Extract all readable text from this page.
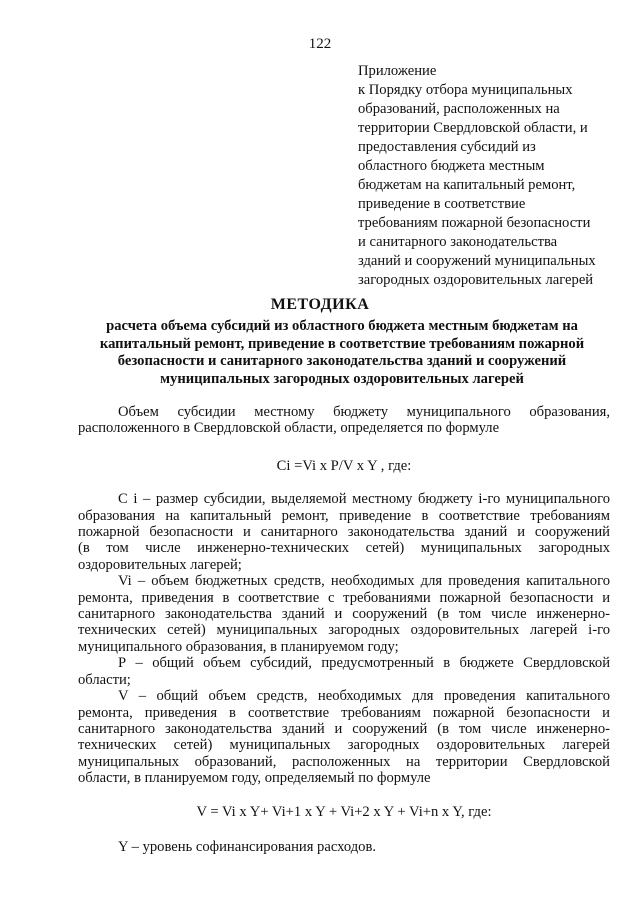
122
Приложение
к Порядку отбора муниципальных
образований, расположенных на
территории Свердловской области, и
предоставления субсидий из
областного бюджета местным
бюджетам на капитальный ремонт,
приведение в соответствие
требованиям пожарной безопасности
и санитарного законодательства
зданий и сооружений муниципальных
загородных оздоровительных лагерей
МЕТОДИКА
расчета объема субсидий из областного бюджета местным бюджетам на
капитальный ремонт, приведение в соответствие требованиям пожарной
безопасности и санитарного законодательства зданий и сооружений
муниципальных загородных оздоровительных лагерей
Объем субсидии местному бюджету муниципального образования,
расположенного в Свердловской области, определяется по формуле
Ci =Vi x P/V x Y , где:
С i – размер субсидии, выделяемой местному бюджету i-го муниципального
образования на капитальный ремонт, приведение в соответствие требованиям
пожарной безопасности и санитарного законодательства зданий и сооружений
(в том числе инженерно-технических сетей) муниципальных загородных
оздоровительных лагерей;
Vi – объем бюджетных средств, необходимых для проведения капитального
ремонта, приведения в соответствие с требованиями пожарной безопасности и
санитарного законодательства зданий и сооружений (в том числе инженерно-
технических сетей) муниципальных загородных оздоровительных лагерей i-го
муниципального образования, в планируемом году;
Р – общий объем субсидий, предусмотренный в бюджете Свердловской
области;
V – общий объем средств, необходимых для проведения капитального
ремонта, приведения в соответствие требованиям пожарной безопасности и
санитарного законодательства зданий и сооружений (в том числе инженерно-
технических сетей) муниципальных загородных оздоровительных лагерей
муниципальных образований, расположенных на территории Свердловской
области, в планируемом году, определяемый по формуле
V = Vi x Y+ Vi+1 x Y + Vi+2 x Y + Vi+n x Y, где:
Y – уровень софинансирования расходов.
